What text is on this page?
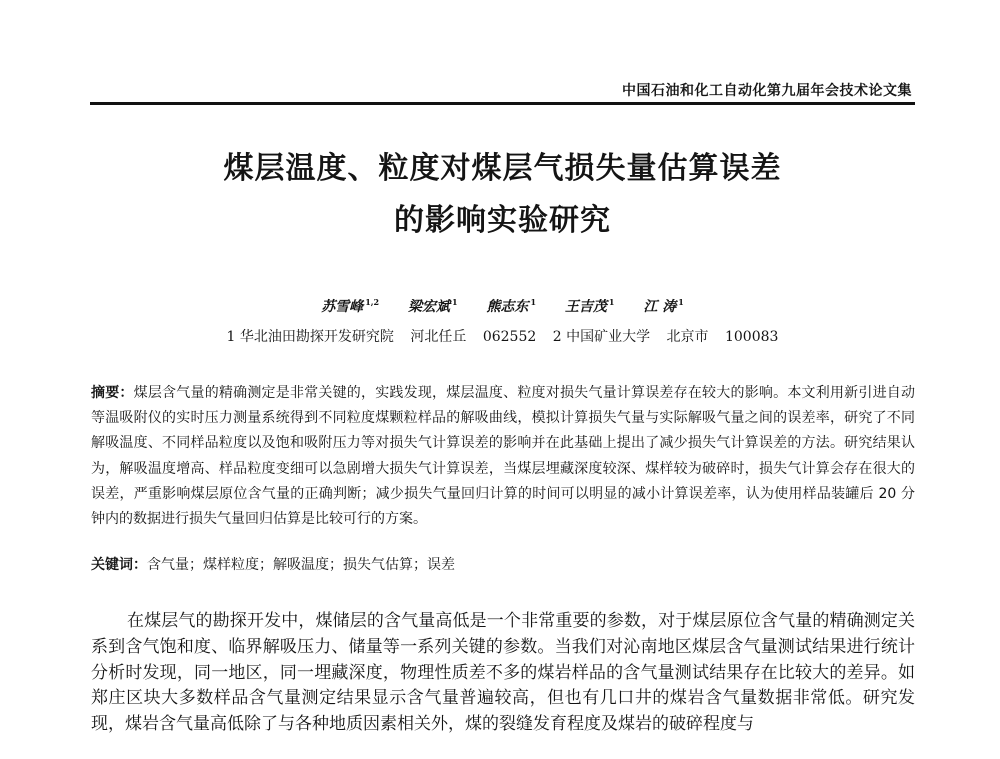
中国石油和化工自动化第九届年会技术论文集
煤层温度、粒度对煤层气损失量估算误差
的影响实验研究
苏雪峰 $^{1,2}$ 梁宏斌 $^1$ 熊志东 $^1$ 王吉茂 $^1$ 江 涛 $^1$
1 华北油田勘探开发研究院 河北任丘 062552 2 中国矿业大学 北京市 100083
摘要：煤层含气量的精确测定是非常关键的，实践发现，煤层温度、粒度对损失气量计算误差存在较大的影响。本文利用新引进自动等温吸附仪的实时压力测量系统得到不同粒度煤颗粒样品的解吸曲线，模拟计算损失气量与实际解吸气量之间的误差率，研究了不同解吸温度、不同样品粒度以及饱和吸附压力等对损失气计算误差的影响并在此基础上提出了减少损失气计算误差的方法。研究结果认为，解吸温度增高、样品粒度变细可以急剧增大损失气计算误差，当煤层埋藏深度较深、煤样较为破碎时，损失气计算会存在很大的误差，严重影响煤层原位含气量的正确判断；减少损失气量回归计算的时间可以明显的减小计算误差率，认为使用样品装罐后 20 分钟内的数据进行损失气量回归估算是比较可行的方案。
关键词：含气量；煤样粒度；解吸温度；损失气估算；误差
在煤层气的勘探开发中，煤储层的含气量高低是一个非常重要的参数，对于煤层原位含气量的精确测定关系到含气饱和度、临界解吸压力、储量等一系列关键的参数。当我们对沁南地区煤层含气量测试结果进行统计分析时发现，同一地区，同一埋藏深度，物理性质差不多的煤岩样品的含气量测试结果存在比较大的差异。如郑庄区块大多数样品含气量测定结果显示含气量普遍较高，但也有几口井的煤岩含气量数据非常低。研究发现，煤岩含气量高低除了与各种地质因素相关外，煤的裂缝发育程度及煤岩的破碎程度与
